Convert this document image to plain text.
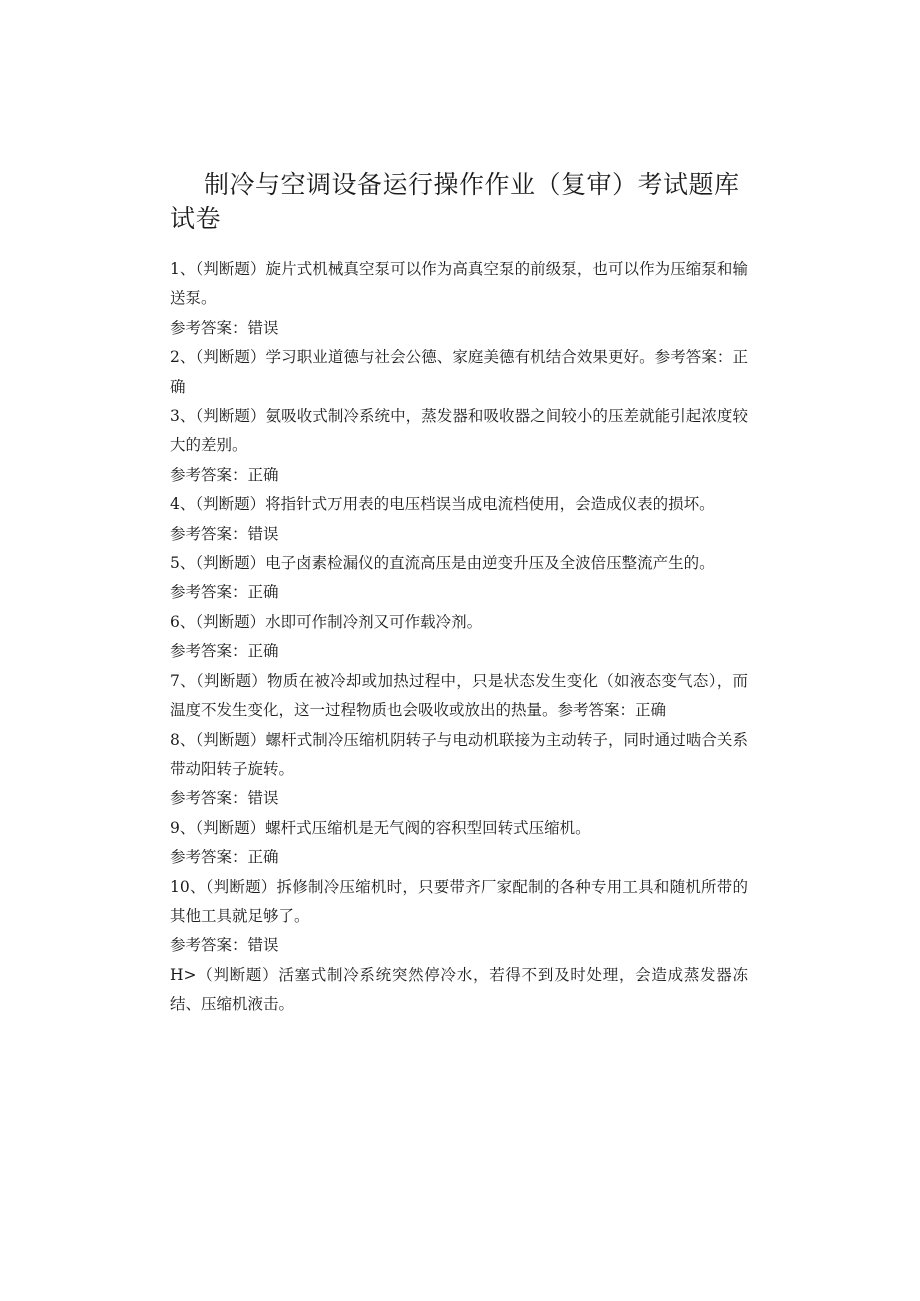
制冷与空调设备运行操作作业（复审）考试题库试卷

1、（判断题）旋片式机械真空泵可以作为高真空泵的前级泵，也可以作为压缩泵和输送泵。

参考答案：错误

2、（判断题）学习职业道德与社会公德、家庭美德有机结合效果更好。参考答案：正确

3、（判断题）氨吸收式制冷系统中，蒸发器和吸收器之间较小的压差就能引起浓度较大的差别。

参考答案：正确

4、（判断题）将指针式万用表的电压档误当成电流档使用，会造成仪表的损坏。

参考答案：错误

5、（判断题）电子卤素检漏仪的直流高压是由逆变升压及全波倍压整流产生的。

参考答案：正确

6、（判断题）水即可作制冷剂又可作载冷剂。

参考答案：正确

7、（判断题）物质在被冷却或加热过程中，只是状态发生变化（如液态变气态），而温度不发生变化，这一过程物质也会吸收或放出的热量。参考答案：正确

8、（判断题）螺杆式制冷压缩机阴转子与电动机联接为主动转子，同时通过啮合关系带动阳转子旋转。

参考答案：错误

9、（判断题）螺杆式压缩机是无气阀的容积型回转式压缩机。

参考答案：正确

10、（判断题）拆修制冷压缩机时，只要带齐厂家配制的各种专用工具和随机所带的其他工具就足够了。

参考答案：错误

H>（判断题）活塞式制冷系统突然停冷水，若得不到及时处理，会造成蒸发器冻结、压缩机液击。
